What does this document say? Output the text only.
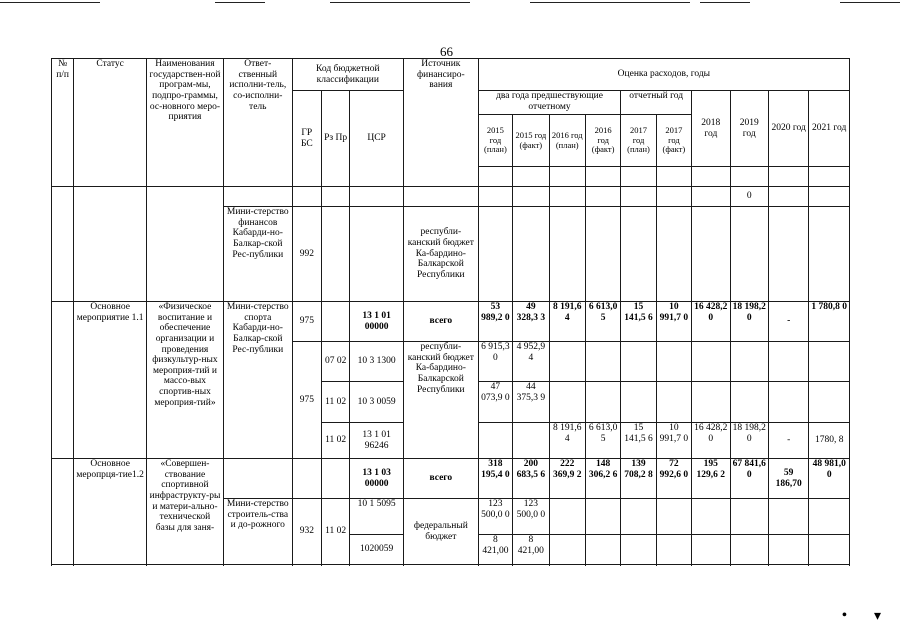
66
№ п/п	Статус	Наименования государствен-ной програм-мы, подпро-граммы, ос-новного меро-приятия	Ответ-ственный исполни-тель, со-исполни-тель	Код бюджетной классификации			Источник финансиро-вания	Оценка расходов, годы									
				ГР БС	Рз Пр	ЦСР		два года предшествующие отчетному				отчетный год		2018 год	2019 год	2020 год	2021 год
								2015 год (план)	2015 год (факт)	2016 год (план)	2016 год (факт)	2017 год (план)	2017 год (факт)				

															0		
			Мини-стерство финансов Кабарди-но-Балкар-ской Рес-публики	992			республи-канский бюджет Ка-бардино-Балкарской Республики										
	Основное мероприятие 1.1	«Физическое воспитание и обеспечение организации и проведения физкультур-ных мероприя-тий и массо-вых спортив-ных мероприя-тий»	Мини-стерство спорта Кабарди-но-Балкар-ской Рес-публики	975		13 1 01 00000	всего	53 989,2 0	49 328,3 3	8 191,6 4	6 613,0 5	15 141,5 6	10 991,7 0	16 428,2 0	18 198,2 0	-	1 780,8 0
				975	07 02	10 3 1300	республи-канский бюджет Ка-бардино-Балкарской Республики	6 915,3 0	4 952,9 4								
					11 02	10 3 0059		47 073,9 0	44 375,3 9								
					11 02	13 1 01 96246				8 191,6 4	6 613,0 5	15 141,5 6	10 991,7 0	16 428,2 0	18 198,2 0	-	1780, 8
	Основное меропрця-тие1.2	«Совершен-ствование спортивной инфраструкту-ры и матери-ально-технической базы для заня-				13 1 03 00000	всего	318 195,4 0	200 683,5 6	222 369,9 2	148 306,2 6	139 708,2 8	72 992,6 0	195 129,6 2	67 841,6 0	59 186,70	48 981,0 0
			Мини-стерство строитель-ства и до-рожного	932	11 02	10 1 5095	федеральный бюджет	123 500,0 0	123 500,0 0								
						1020059		8 421,00	8 421,00								

• ▾
